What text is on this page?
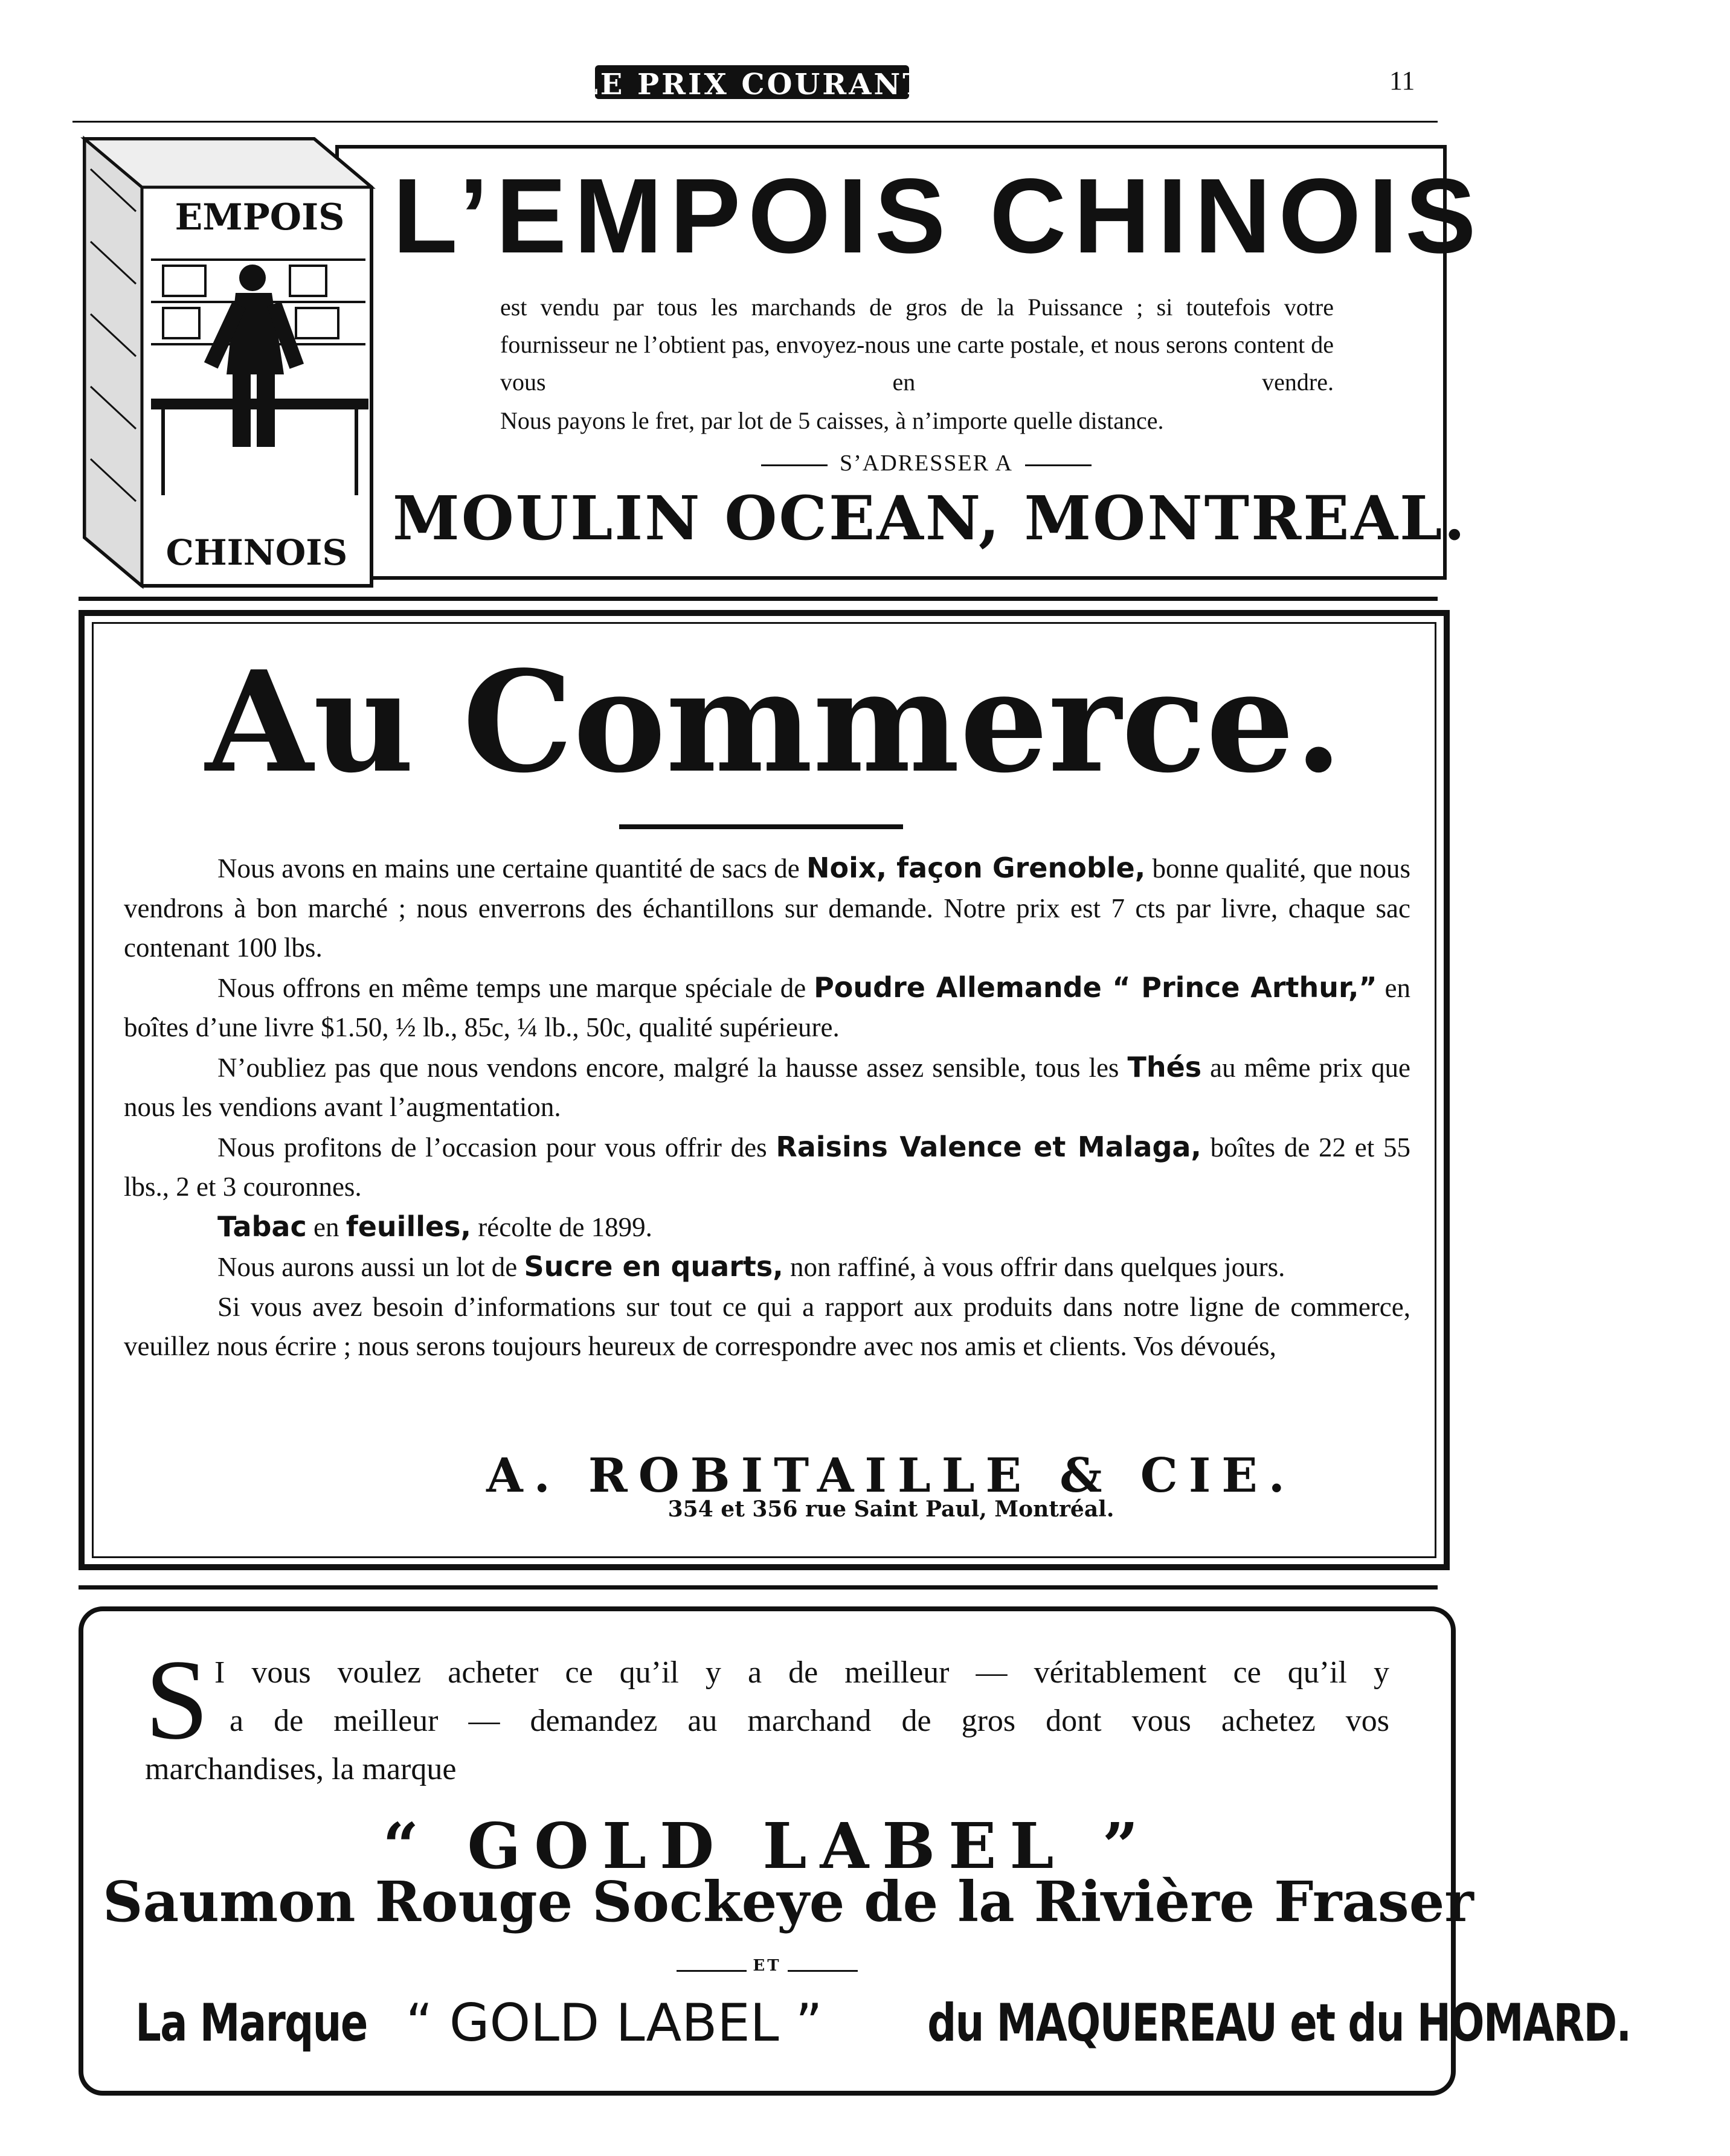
LE PRIX COURANT	11
EMPOIS
CHINOIS
L’EMPOIS CHINOIS
est vendu par tous les marchands de gros de la Puissance ; si toutefois votre fournisseur ne l’obtient pas, envoyez-nous une carte postale, et nous serons content de vous en vendre.
Nous payons le fret, par lot de 5 caisses, à n’importe quelle distance.
S’ADRESSER A
MOULIN OCEAN, MONTREAL.
Au Commerce.

Nous avons en mains une certaine quantité de sacs de Noix, façon Grenoble, bonne qualité, que nous vendrons à bon marché ; nous enverrons des échantillons sur demande. Notre prix est 7 cts par livre, chaque sac contenant 100 lbs.

Nous offrons en même temps une marque spéciale de Poudre Allemande “ Prince Arthur,” en boîtes d’une livre $1.50, ½ lb., 85c, ¼ lb., 50c, qualité supérieure.

N’oubliez pas que nous vendons encore, malgré la hausse assez sensible, tous les Thés au même prix que nous les vendions avant l’augmentation.

Nous profitons de l’occasion pour vous offrir des Raisins Valence et Malaga, boîtes de 22 et 55 lbs., 2 et 3 couronnes.

Tabac en feuilles, récolte de 1899.

Nous aurons aussi un lot de Sucre en quarts, non raffiné, à vous offrir dans quelques jours.

Si vous avez besoin d’informations sur tout ce qui a rapport aux produits dans notre ligne de commerce, veuillez nous écrire ; nous serons toujours heureux de correspondre avec nos amis et clients. Vos dévoués,

A. ROBITAILLE & CIE.
354 et 356 rue Saint Paul, Montréal.
S I vous voulez acheter ce qu’il y a de meilleur — véritablement ce qu’il y
a de meilleur — demandez au marchand de gros dont vous achetez vos
marchandises, la marque
“ GOLD LABEL ”
Saumon Rouge Sockeye de la Rivière Fraser
ET
La Marque “ GOLD LABEL ” du MAQUEREAU et du HOMARD.
